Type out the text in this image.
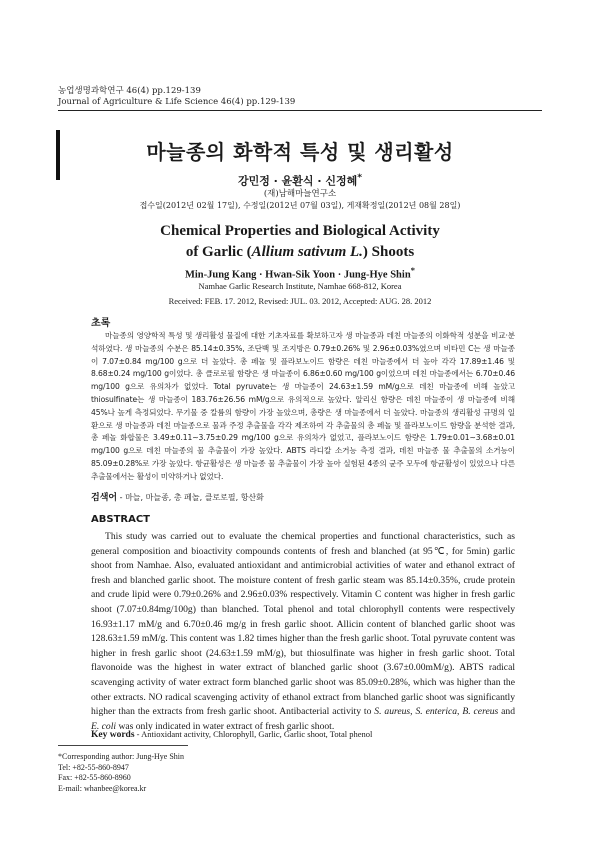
농업생명과학연구 46(4) pp.129-139
Journal of Agriculture & Life Science 46(4) pp.129-139
마늘종의 화학적 특성 및 생리활성
강민정 · 윤환식 · 신정혜*
(재)남해마늘연구소
접수일(2012년 02월 17일), 수정일(2012년 07월 03일), 게재확정일(2012년 08월 28일)
Chemical Properties and Biological Activity
of Garlic (Allium sativum L.) Shoots
Min-Jung Kang · Hwan-Sik Yoon · Jung-Hye Shin*
Namhae Garlic Research Institute, Namhae 668-812, Korea
Received: FEB. 17. 2012, Revised: JUL. 03. 2012, Accepted: AUG. 28. 2012
초록
마늘종의 영양학적 특성 및 생리활성 물질에 대한 기초자료를 확보하고자 생 마늘종과 데친 마늘종의 이화학적 성분을 비교·분석하였다. 생 마늘종의 수분은 85.14±0.35%, 조단백 및 조지방은 0.79±0.26% 및 2.96±0.03%였으며 비타민 C는 생 마늘종이 7.07±0.84 mg/100 g으로 더 높았다. 총 페놀 및 플라보노이드 함량은 데친 마늘종에서 더 높아 각각 17.89±1.46 및 8.68±0.24 mg/100 g이었다. 총 클로로필 함량은 생 마늘종이 6.86±0.60 mg/100 g이었으며 데친 마늘종에서는 6.70±0.46 mg/100 g으로 유의차가 없었다. Total pyruvate는 생 마늘종이 24.63±1.59 mM/g으로 데친 마늘종에 비해 높았고 thiosulfinate는 생 마늘종이 183.76±26.56 mM/g으로 유의적으로 높았다. 알리신 함량은 데친 마늘종이 생 마늘종에 비해 45%나 높게 측정되었다. 무기물 중 칼륨의 함량이 가장 높았으며, 총량은 생 마늘종에서 더 높았다. 마늘종의 생리활성 규명의 일환으로 생 마늘종과 데친 마늘종으로 물과 주정 추출물을 각각 제조하여 각 추출물의 총 페놀 및 플라보노이드 함량을 분석한 결과, 총 페놀 화합물은 3.49±0.11~3.75±0.29 mg/100 g으로 유의차가 없었고, 플라보노이드 함량은 1.79±0.01~3.68±0.01 mg/100 g으로 데친 마늘종의 물 추출물이 가장 높았다. ABTS 라디칼 소거능 측정 결과, 데친 마늘종 물 추출물의 소거능이 85.09±0.28%로 가장 높았다. 항균활성은 생 마늘종 물 추출물이 가장 높아 실험된 4종의 균주 모두에 항균활성이 있었으나 다른 추출물에서는 활성이 미약하거나 없었다.
검색어 - 마늘, 마늘종, 총 페놀, 클로로필, 항산화
ABSTRACT
This study was carried out to evaluate the chemical properties and functional characteristics, such as general composition and bioactivity compounds contents of fresh and blanched (at 95℃, for 5min) garlic shoot from Namhae. Also, evaluated antioxidant and antimicrobial activities of water and ethanol extract of fresh and blanched garlic shoot. The moisture content of fresh garlic steam was 85.14±0.35%, crude protein and crude lipid were 0.79±0.26% and 2.96±0.03% respectively. Vitamin C content was higher in fresh garlic shoot (7.07±0.84mg/100g) than blanched. Total phenol and total chlorophyll contents were respectively 16.93±1.17 mM/g and 6.70±0.46 mg/g in fresh garlic shoot. Allicin content of blanched garlic shoot was 128.63±1.59 mM/g. This content was 1.82 times higher than the fresh garlic shoot. Total pyruvate content was higher in fresh garlic shoot (24.63±1.59 mM/g), but thiosulfinate was higher in fresh garlic shoot. Total flavonoide was the highest in water extract of blanched garlic shoot (3.67±0.00mM/g). ABTS radical scavenging activity of water extract form blanched garlic shoot was 85.09±0.28%, which was higher than the other extracts. NO radical scavenging activity of ethanol extract from blanched garlic shoot was significantly higher than the extracts from fresh garlic shoot. Antibacterial activity to S. aureus, S. enterica, B. cereus and E. coli was only indicated in water extract of fresh garlic shoot.
Key words - Antioxidant activity, Chlorophyll, Garlic, Garlic shoot, Total phenol
*Corresponding author: Jung-Hye Shin
Tel: +82-55-860-8947
Fax: +82-55-860-8960
E-mail: whanbee@korea.kr
